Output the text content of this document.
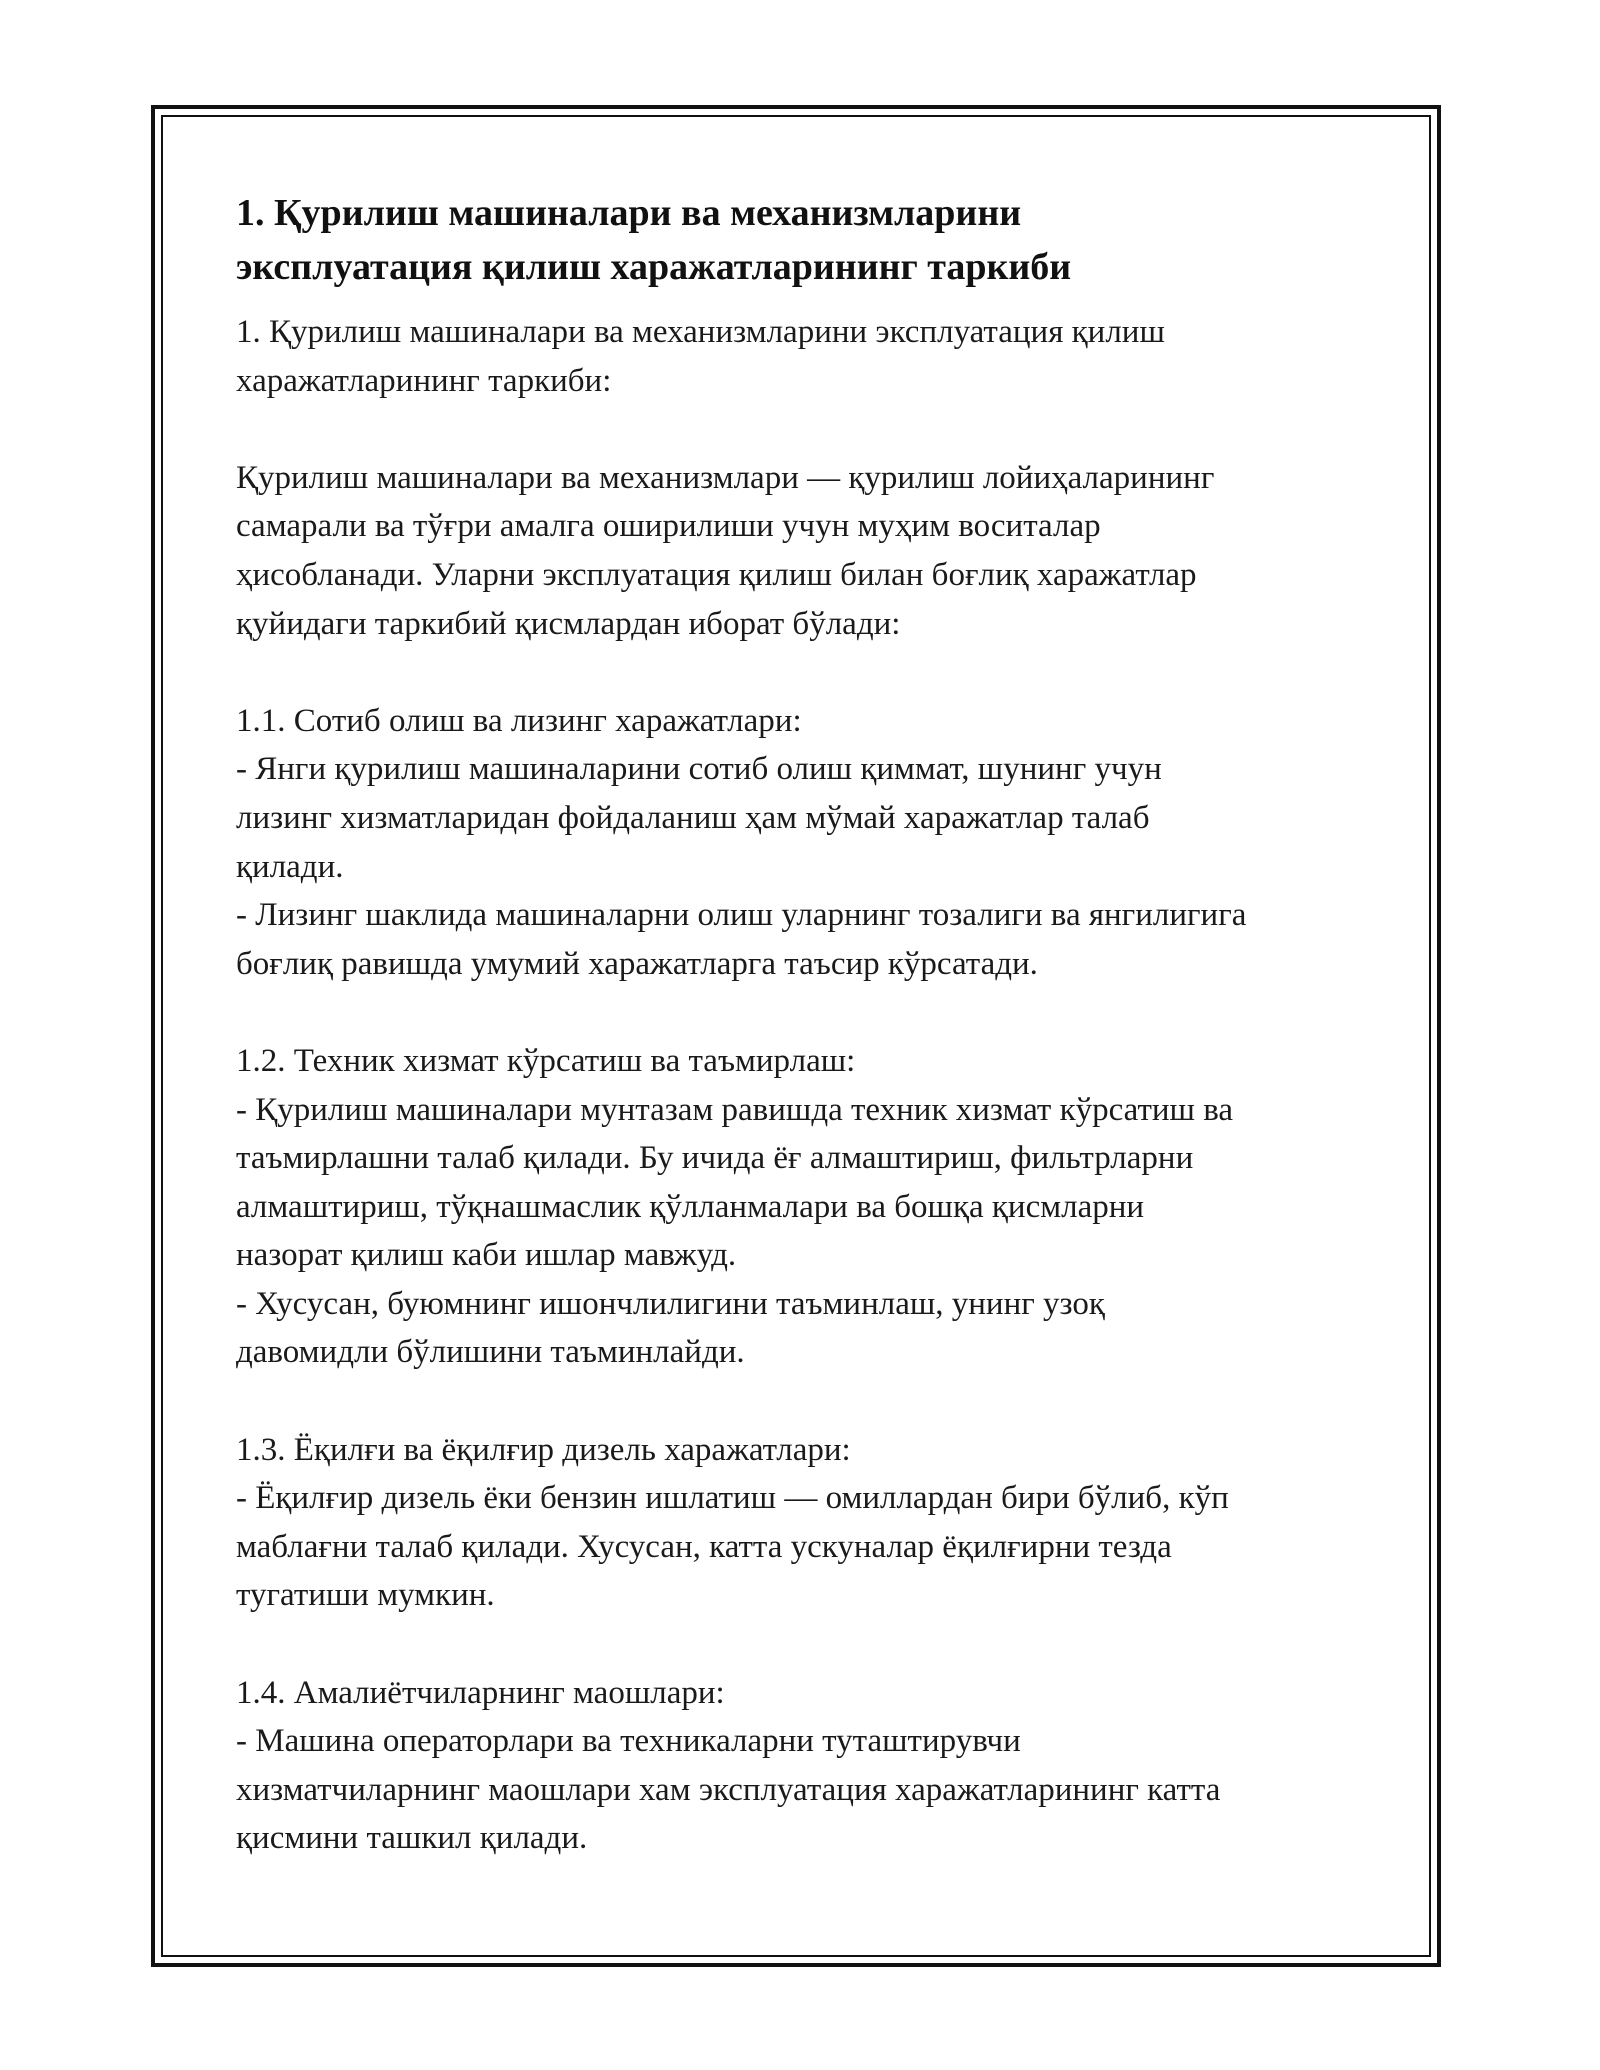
1. Қурилиш машиналари ва механизмларини
эксплуатация қилиш харажатларининг таркиби

1. Қурилиш машиналари ва механизмларини эксплуатация қилиш
харажатларининг таркиби:

Қурилиш машиналари ва механизмлари — қурилиш лойиҳаларининг
самарали ва тўғри амалга оширилиши учун муҳим воситалар
ҳисобланади. Уларни эксплуатация қилиш билан боғлиқ харажатлар
қуйидаги таркибий қисмлардан иборат бўлади:

1.1. Сотиб олиш ва лизинг харажатлари:
- Янги қурилиш машиналарини сотиб олиш қиммат, шунинг учун
лизинг хизматларидан фойдаланиш ҳам мўмай харажатлар талаб
қилади.
- Лизинг шаклида машиналарни олиш уларнинг тозалиги ва янгилигига
боғлиқ равишда умумий харажатларга таъсир кўрсатади.

1.2. Техник хизмат кўрсатиш ва таъмирлаш:
- Қурилиш машиналари мунтазам равишда техник хизмат кўрсатиш ва
таъмирлашни талаб қилади. Бу ичида ёғ алмаштириш, фильтрларни
алмаштириш, тўқнашмаслик қўлланмалари ва бошқа қисмларни
назорат қилиш каби ишлар мавжуд.
- Хусусан, буюмнинг ишончлилигини таъминлаш, унинг узоқ
давомидли бўлишини таъминлайди.

1.3. Ёқилғи ва ёқилғир дизель харажатлари:
- Ёқилғир дизель ёки бензин ишлатиш — омиллардан бири бўлиб, кўп
маблағни талаб қилади. Хусусан, катта ускуналар ёқилғирни тезда
тугатиши мумкин.

1.4. Амалиётчиларнинг маошлари:
- Машина операторлари ва техникаларни туташтирувчи
хизматчиларнинг маошлари хам эксплуатация харажатларининг катта
қисмини ташкил қилади.
